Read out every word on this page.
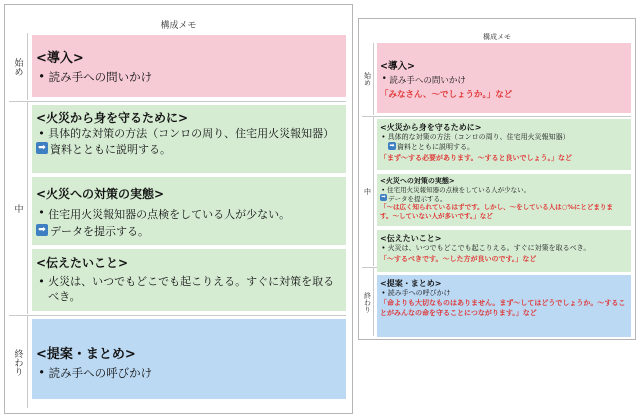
構成メモ
始め
中
終わり
<導入>
• 読み手への問いかけ
<火災から身を守るために>
• 具体的な対策の方法（コンロの周り、住宅用火災報知器）
➡ 資料とともに説明する。
<火災への対策の実態>
• 住宅用火災報知器の点検をしている人が少ない。
➡ データを提示する。
<伝えたいこと>
• 火災は、いつでもどこでも起こりえる。すぐに対策を取るべき。
<提案・まとめ>
• 読み手への呼びかけ
構成メモ
始め
中
終わり
<導入>
• 読み手への問いかけ
「みなさん、〜でしょうか。」など
<火災から身を守るために>
• 具体的な対策の方法（コンロの周り、住宅用火災報知器）
➡ 資料とともに説明する。
「まず〜する必要があります。〜すると良いでしょう。」など
<火災への対策の実態>
• 住宅用火災報知器の点検をしている人が少ない。
➡ データを提示する。
「〜は広く知られているはずです。しかし、〜をしている人は○%にとどまります。〜していない人が多いです。」など
<伝えたいこと>
• 火災は、いつでもどこでも起こりえる。すぐに対策を取るべき。
「〜するべきです。〜した方が良いのです。」など
<提案・まとめ>
• 読み手への呼びかけ
「命よりも大切なものはありません。まず〜してはどうでしょうか。〜することがみんなの命を守ることにつながります。」など
